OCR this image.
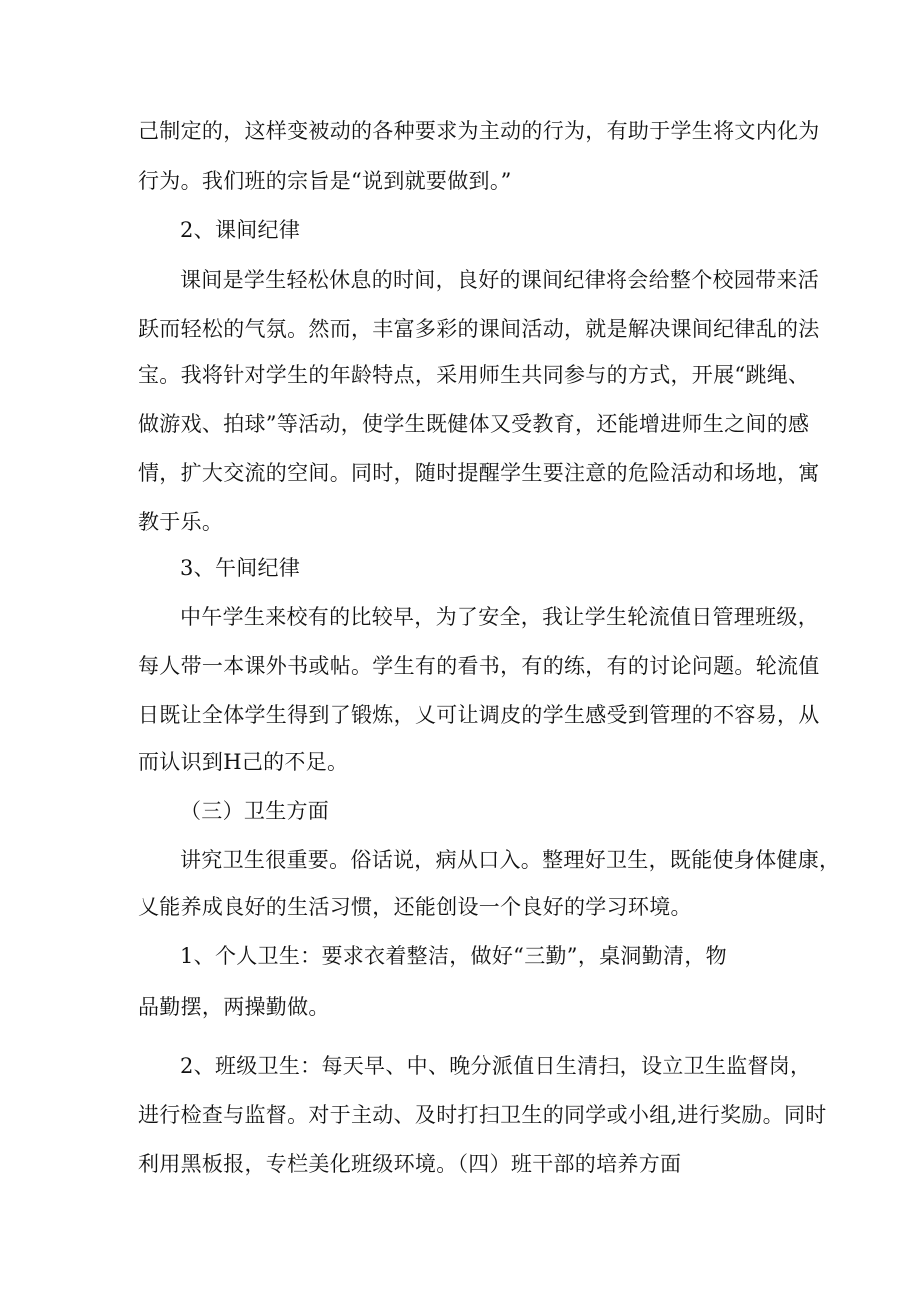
己制定的，这样变被动的各种要求为主动的行为，有助于学生将文内化为
行为。我们班的宗旨是“说到就要做到。”
2、课间纪律
课间是学生轻松休息的时间，良好的课间纪律将会给整个校园带来活
跃而轻松的气氛。然而，丰富多彩的课间活动，就是解决课间纪律乱的法
宝。我将针对学生的年龄特点，采用师生共同参与的方式，开展“跳绳、
做游戏、拍球”等活动，使学生既健体又受教育，还能增进师生之间的感
情，扩大交流的空间。同时，随时提醒学生要注意的危险活动和场地，寓
教于乐。
3、午间纪律
中午学生来校有的比较早，为了安全，我让学生轮流值日管理班级，
每人带一本课外书或帖。学生有的看书，有的练，有的讨论问题。轮流值
日既让全体学生得到了锻炼，乂可让调皮的学生感受到管理的不容易，从
而认识到H己的不足。
（三）卫生方面
讲究卫生很重要。俗话说，病从口入。整理好卫生，既能使身体健康，
乂能养成良好的生活习惯，还能创设一个良好的学习环境。
1、个人卫生：要求衣着整洁，做好“三勤”，桌洞勤清，物
品勤摆，两操勤做。
2、班级卫生：每天早、中、晚分派值日生清扫，设立卫生监督岗，
进行检查与监督。对于主动、及时打扫卫生的同学或小组,进行奖励。同时
利用黑板报，专栏美化班级环境。（四）班干部的培养方面
